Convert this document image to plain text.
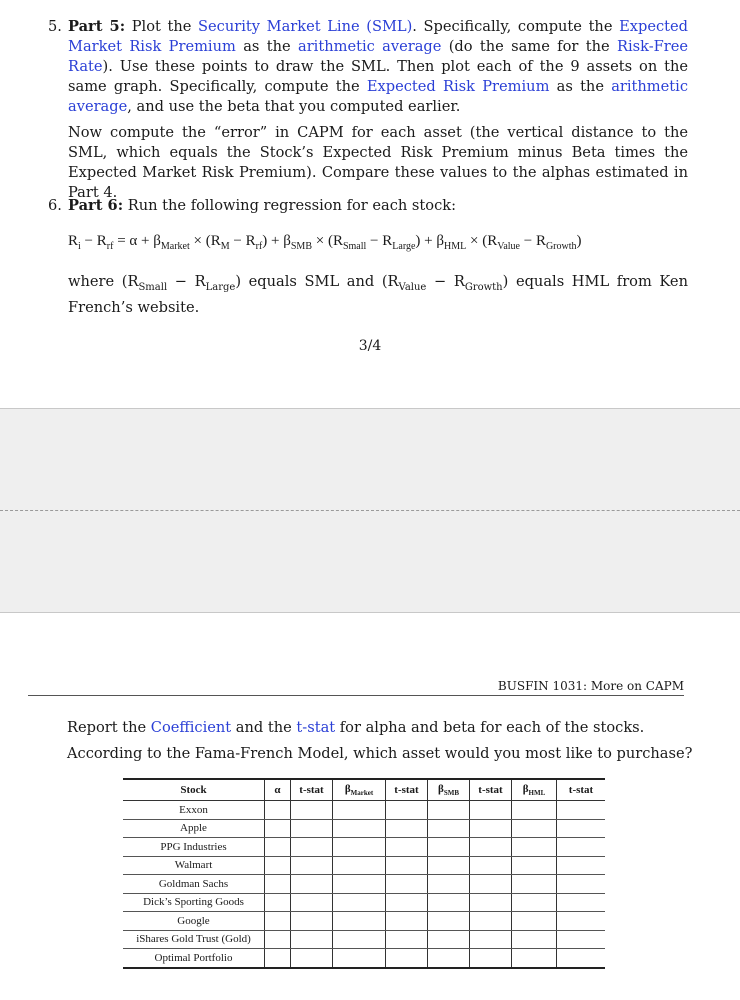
5. Part 5: Plot the Security Market Line (SML). Specifically, compute the Expected Market Risk Premium as the arithmetic average (do the same for the Risk-Free Rate). Use these points to draw the SML. Then plot each of the 9 assets on the same graph. Specifically, compute the Expected Risk Premium as the arithmetic average, and use the beta that you computed earlier.
Now compute the “error” in CAPM for each asset (the vertical distance to the SML, which equals the Stock’s Expected Risk Premium minus Beta times the Expected Market Risk Premium). Compare these values to the alphas estimated in Part 4.
6. Part 6: Run the following regression for each stock:
$R_i - R_{rf} = \alpha + \beta_{Market} \times (R_M - R_{rf}) + \beta_{SMB} \times (R_{Small} - R_{Large}) + \beta_{HML} \times (R_{Value} - R_{Growth})$
where $(R_{Small} - R_{Large})$ equals SML and $(R_{Value} - R_{Growth})$ equals HML from Ken French’s website.
3/4
BUSFIN 1031: More on CAPM
Report the Coefficient and the t-stat for alpha and beta for each of the stocks.
According to the Fama-French Model, which asset would you most like to purchase?
Stock	α	t-stat	$\beta_{Market}$	t-stat	$\beta_{SMB}$	t-stat	$\beta_{HML}$	t-stat
Exxon								
Apple								
PPG Industries								
Walmart								
Goldman Sachs								
Dick’s Sporting Goods								
Google								
iShares Gold Trust (Gold)								
Optimal Portfolio								
